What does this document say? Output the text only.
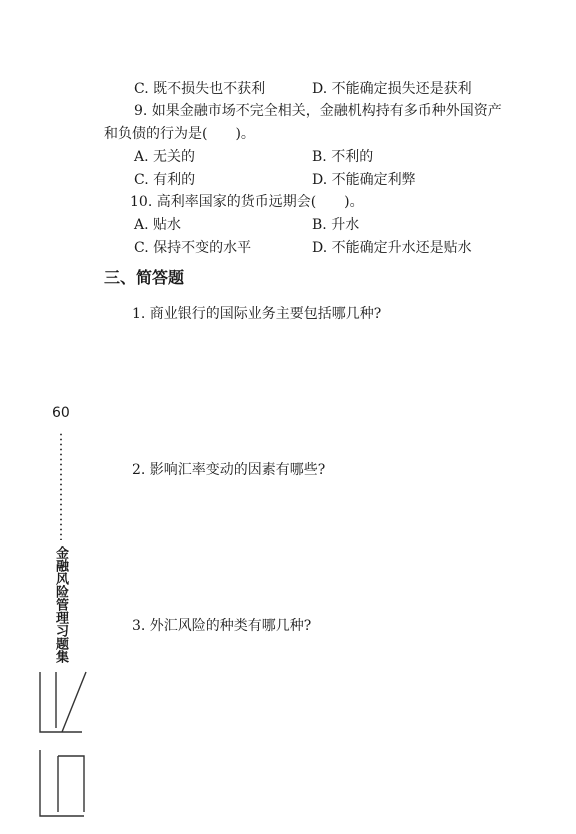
C. 既不损失也不获利	D. 不能确定损失还是获利
9. 如果金融市场不完全相关，金融机构持有多币种外国资产
和负债的行为是(　　)。
A. 无关的	B. 不利的
C. 有利的	D. 不能确定利弊
10. 高利率国家的货币远期会(　　)。
A. 贴水	B. 升水
C. 保持不变的水平	D. 不能确定升水还是贴水
三、简答题
1. 商业银行的国际业务主要包括哪几种?
2. 影响汇率变动的因素有哪些?
3. 外汇风险的种类有哪几种?
60
金融风险管理习题集
